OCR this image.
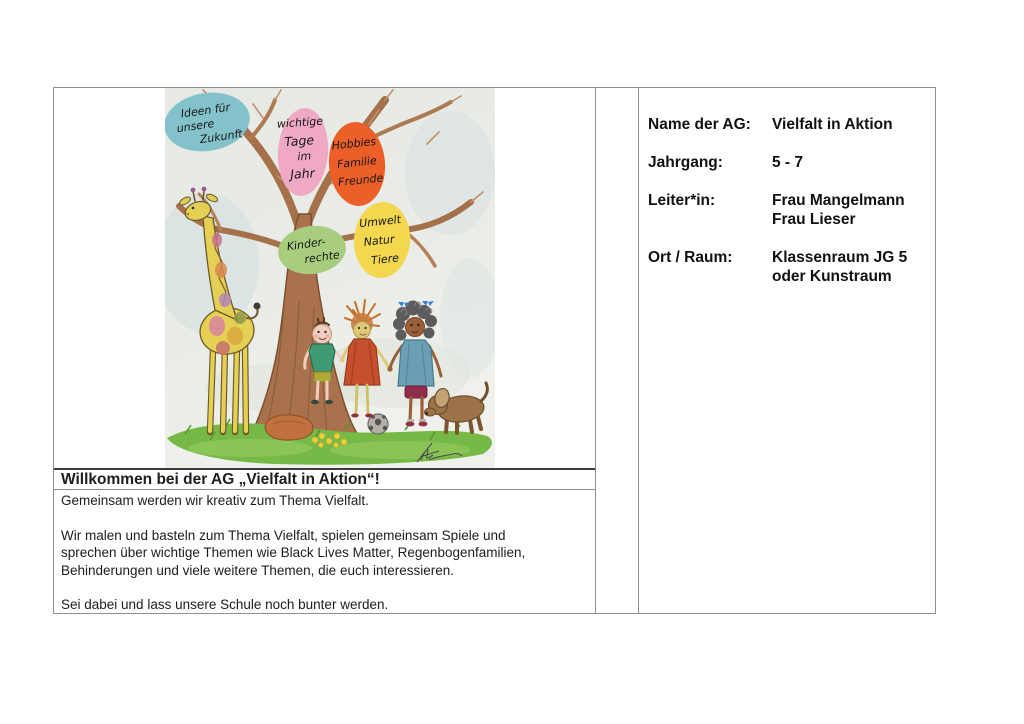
Ideen für
unsere
Zukunft
wichtige
Tage
im
Jahr
Hobbies
Familie
Freunde
Umwelt
Natur
Tiere
Kinder-
rechte
Willkommen bei der AG „Vielfalt in Aktion“!
Gemeinsam werden wir kreativ zum Thema Vielfalt.
Wir malen und basteln zum Thema Vielfalt, spielen gemeinsam Spiele und
sprechen über wichtige Themen wie Black Lives Matter, Regenbogenfamilien,
Behinderungen und viele weitere Themen, die euch interessieren.
Sei dabei und lass unsere Schule noch bunter werden.
Name der AG:	Vielfalt in Aktion
Jahrgang:	5 - 7
Leiter*in:	Frau Mangelmann
Frau Lieser
Ort / Raum:	Klassenraum JG 5
oder Kunstraum
